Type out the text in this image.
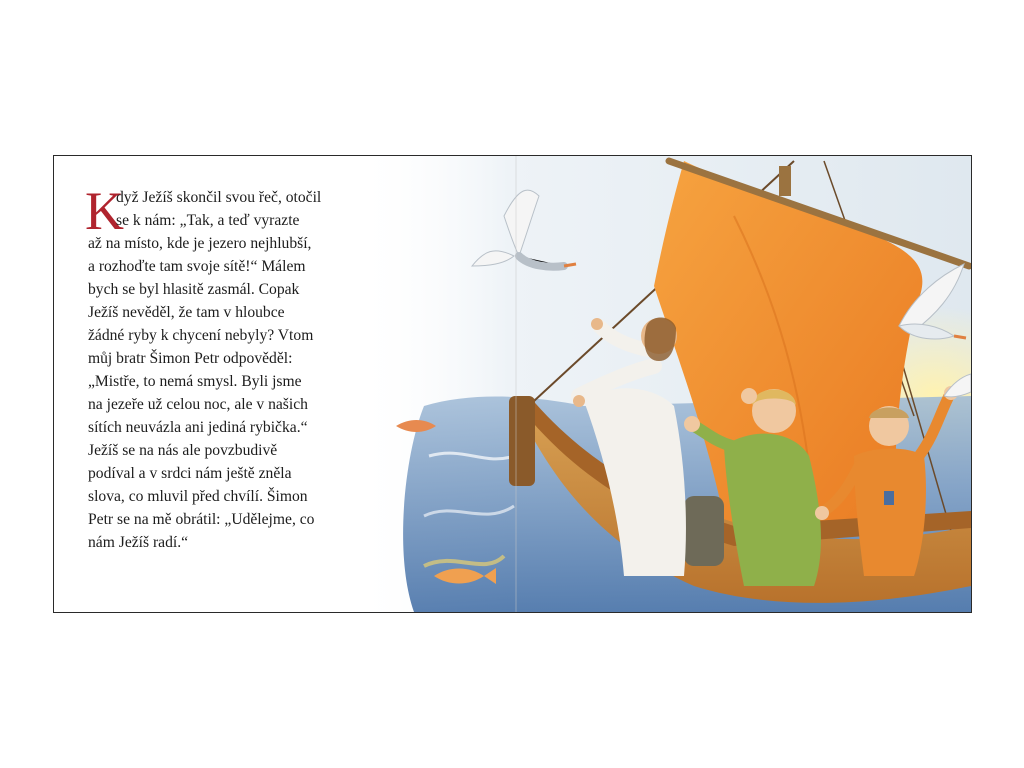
K
dyž Ježíš skončil svou řeč, otočil
se k nám: „Tak, a teď vyrazte
až na místo, kde je jezero nejhlubší,
a rozhoďte tam svoje sítě!“ Málem
bych se byl hlasitě zasmál. Copak
Ježíš nevěděl, že tam v hloubce
žádné ryby k chycení nebyly? Vtom
můj bratr Šimon Petr odpověděl:
„Mistře, to nemá smysl. Byli jsme
na jezeře už celou noc, ale v našich
sítích neuvázla ani jediná rybička.“
Ježíš se na nás ale povzbudivě
podíval a v srdci nám ještě zněla
slova, co mluvil před chvílí. Šimon
Petr se na mě obrátil: „Udělejme, co
nám Ježíš radí.“
